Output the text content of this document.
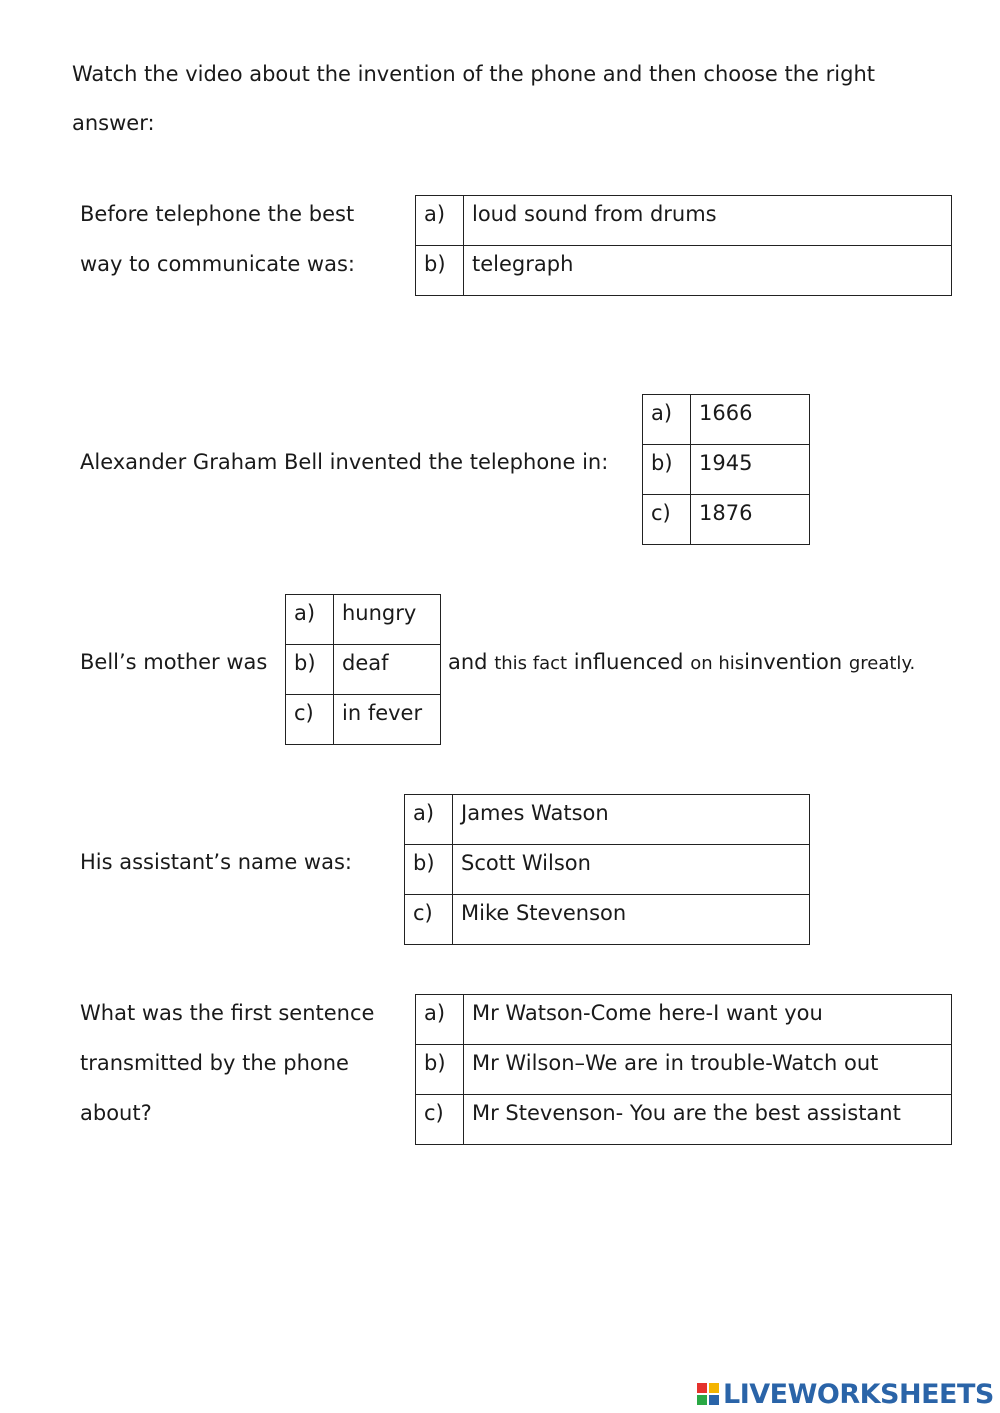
Watch the video about the invention of the phone and then choose the right answer:
Before telephone the best way to communicate was:
a)	loud sound from drums
b)	telegraph
Alexander Graham Bell invented the telephone in:
a)	1666
b)	1945
c)	1876
Bell’s mother was
a)	hungry
b)	deaf
c)	in fever
and this fact influenced on hisinvention greatly.
His assistant’s name was:
a)	James Watson
b)	Scott Wilson
c)	Mike Stevenson
What was the first sentence transmitted by the phone about?
a)	Mr Watson-Come here-I want you
b)	Mr Wilson–We are in trouble-Watch out
c)	Mr Stevenson- You are the best assistant
LIVEWORKSHEETS
